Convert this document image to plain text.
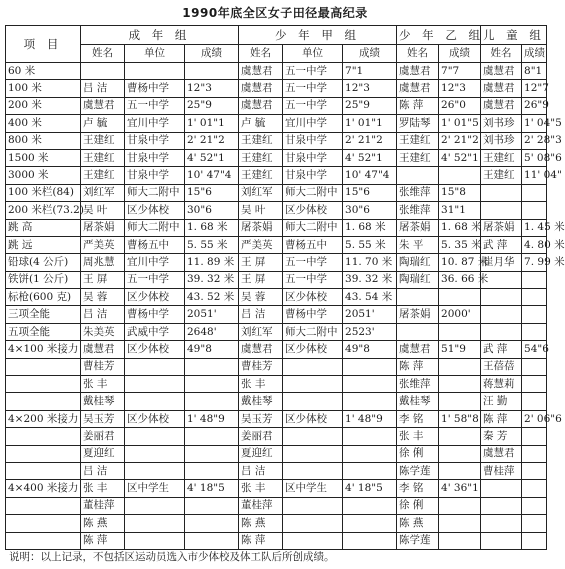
1990年底全区女子田径最高纪录
项 目	成 年 组			少 年 甲 组			少 年 乙 组		儿 童 组	
	姓名	单位	成绩	姓名	单位	成绩	姓名	成绩	姓名	成绩
60 米				虞慧君	五一中学	7"1	虞慧君	7"7	虞慧君	8"1
100 米	吕 洁	曹杨中学	12"3	虞慧君	五一中学	12"3	虞慧君	12"3	虞慧君	12"7
200 米	虞慧君	五一中学	25"9	虞慧君	五一中学	25"9	陈 萍	26"0	虞慧君	26"9
400 米	卢 毓	宜川中学	1' 01"1	卢 毓	宜川中学	1' 01"1	罗陆琴	1' 01"5	刘书珍	1' 04"5
800 米	王建红	甘泉中学	2' 21"2	王建红	甘泉中学	2' 21"2	王建红	2' 21"2	刘书珍	2' 28"3
1500 米	王建红	甘泉中学	4' 52"1	王建红	甘泉中学	4' 52"1	王建红	4' 52"1	王建红	5' 08"6
3000 米	王建红	甘泉中学	10' 47"4	王建红	甘泉中学	10' 47"4			王建红	11' 04"
100 米栏(84)	刘红军	师大二附中	15"6	刘红军	师大二附中	15"6	张维萍	15"8		
200 米栏(73.2)	吴 叶	区少体校	30"6	吴 叶	区少体校	30"6	张维萍	31"1		
跳 高	屠茶娟	师大二附中	1. 68 米	屠茶娟	师大二附中	1. 68 米	屠茶娟	1. 68 米	屠茶娟	1. 45 米
跳 远	严美英	曹杨五中	5. 55 米	严美英	曹杨五中	5. 55 米	朱 平	5. 35 米	武 萍	4. 80 米
铅球(4 公斤)	周兆慧	宜川中学	11. 89 米	王 屏	五一中学	11. 70 米	陶瑞红	10. 87 米	崔月华	7. 99 米
铁饼(1 公斤)	王 屏	五一中学	39. 32 米	王 屏	五一中学	39. 32 米	陶瑞红	36. 66 米		
标枪(600 克)	吴 蓉	区少体校	43. 52 米	吴 蓉	区少体校	43. 54 米				
三项全能	吕 洁	曹杨中学	2051'	吕 洁	曹杨中学	2051'	屠茶娟	2000'		
五项全能	朱美英	武威中学	2648'	刘红军	师大二附中	2523'				
4×100 米接力	虞慧君	区少体校	49"8	虞慧君	区少体校	49"8	虞慧君	51"9	武 萍	54"6
	曹桂芳			曹桂芳			陈 萍		王蓓蓓	
	张 丰			张 丰			张维萍		蒋慧莉	
	戴桂琴			戴桂琴			戴桂琴		汪 勤	
4×200 米接力	吴玉芳	区少体校	1' 48"9	吴玉芳	区少体校	1' 48"9	李 铭	1' 58"8	陈 萍	2' 06"6
	姜丽君			姜丽君			张 丰		秦 芳	
	夏迎红			夏迎红			徐 俐		虞慧君	
	吕 洁			吕 洁			陈学莲		曹桂萍	
4×400 米接力	张 丰	区中学生	4' 18"5	张 丰	区中学生	4' 18"5	李 铭	4' 36"1		
	董桂萍			董桂萍			徐 俐			
	陈 燕			陈 燕			陈 燕			
	陈 萍			陈 萍			陈学莲			
说明：以上记录，不包括区运动员选入市少体校及体工队后所创成绩。
